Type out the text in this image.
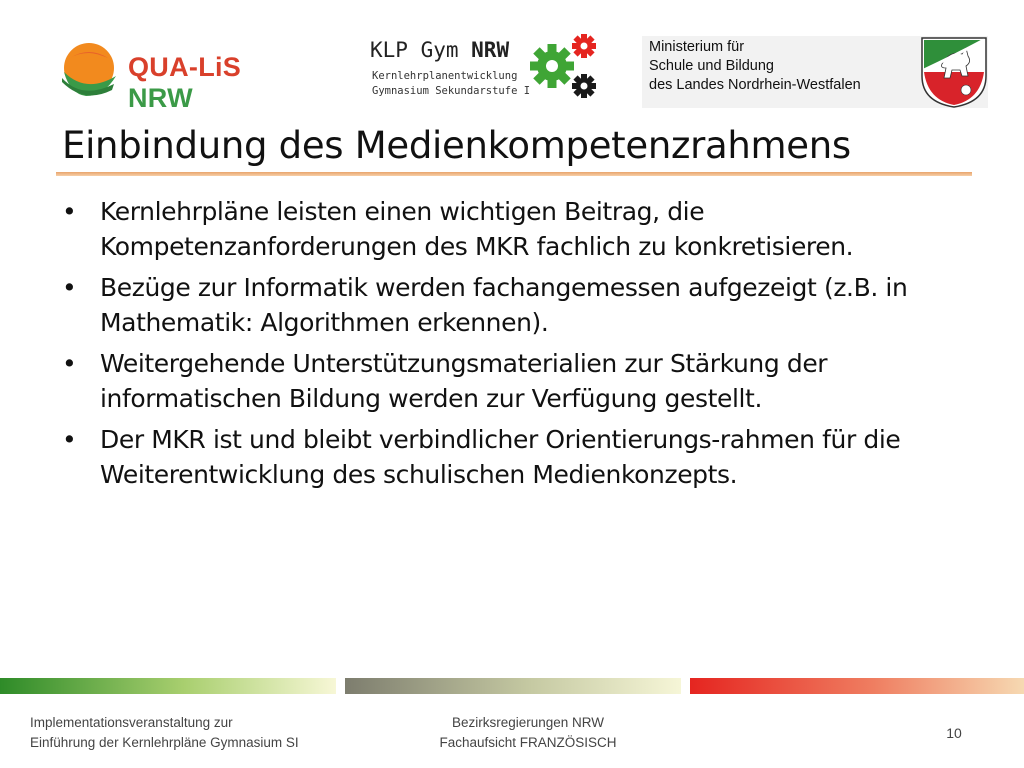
QUA-LiS NRW
KLP Gym NRW
Kernlehrplanentwicklung
Gymnasium Sekundarstufe I
Ministerium für
Schule und Bildung
des Landes Nordrhein-Westfalen
Einbindung des Medienkompetenzrahmens
• Kernlehrpläne leisten einen wichtigen Beitrag, die Kompetenzanforderungen des MKR fachlich zu konkretisieren.
• Bezüge zur Informatik werden fachangemessen aufgezeigt (z.B. in Mathematik: Algorithmen erkennen).
• Weitergehende Unterstützungsmaterialien zur Stärkung der informatischen Bildung werden zur Verfügung gestellt.
• Der MKR ist und bleibt verbindlicher Orientierungs-rahmen für die Weiterentwicklung des schulischen Medienkonzepts.
Implementationsveranstaltung zur
Einführung der Kernlehrpläne Gymnasium SI
Bezirksregierungen NRW
Fachaufsicht FRANZÖSISCH
10
